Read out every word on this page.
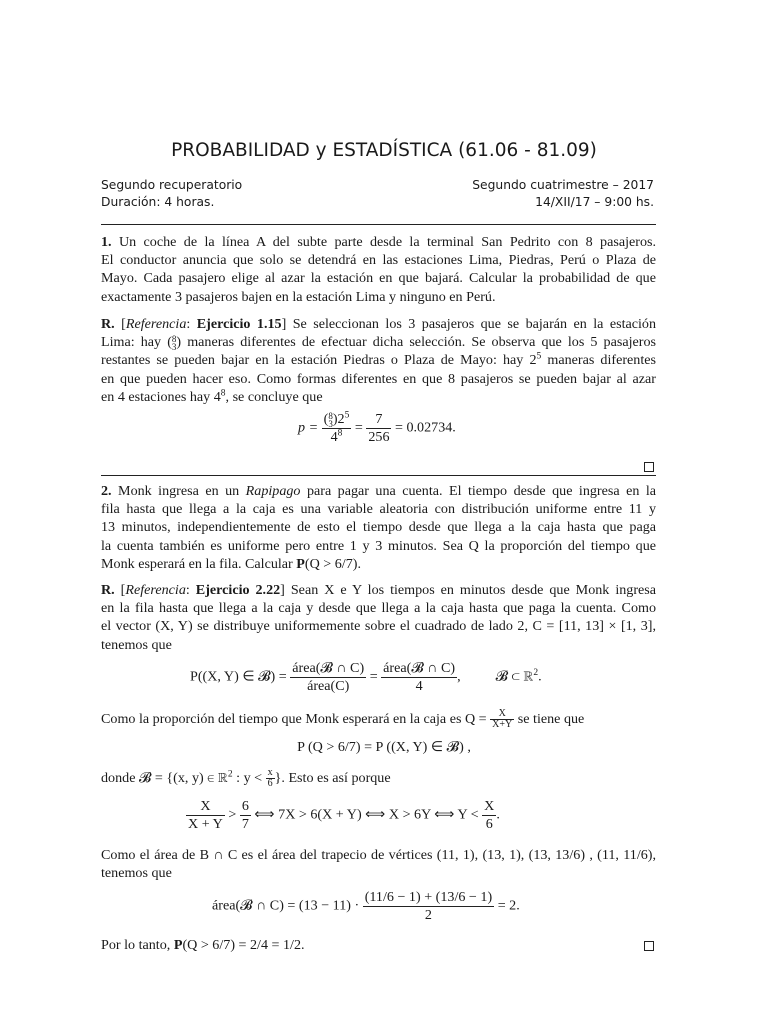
PROBABILIDAD y ESTADÍSTICA (61.06 - 81.09)
Segundo recuperatorio
Duración: 4 horas.
Segundo cuatrimestre – 2017
14/XII/17 – 9:00 hs.
1. Un coche de la línea A del subte parte desde la terminal San Pedrito con 8 pasajeros.
El conductor anuncia que solo se detendrá en las estaciones Lima, Piedras, Perú o Plaza de
Mayo. Cada pasajero elige al azar la estación en que bajará. Calcular la probabilidad de que
exactamente 3 pasajeros bajen en la estación Lima y ninguno en Perú.
R. [Referencia: Ejercicio 1.15] Se seleccionan los 3 pasajeros que se bajarán en la estación
Lima: hay (8
3) maneras diferentes de efectuar dicha selección. Se observa que los 5 pasajeros
restantes se pueden bajar en la estación Piedras o Plaza de Mayo: hay $2^5$ maneras diferentes
en que pueden hacer eso. Como formas diferentes en que 8 pasajeros se pueden bajar al azar
en 4 estaciones hay $4^8$, se concluye que
p =
(8
$3)2^5$
$4^8 = \frac{7}{256} = 0.02734$.
2. Monk ingresa en un Rapipago para pagar una cuenta. El tiempo desde que ingresa en la
fila hasta que llega a la caja es una variable aleatoria con distribución uniforme entre 11 y
13 minutos, independientemente de esto el tiempo desde que llega a la caja hasta que paga
la cuenta también es uniforme pero entre 1 y 3 minutos. Sea Q la proporción del tiempo que
Monk esperará en la fila. Calcular P(Q > 6/7).
R. [Referencia: Ejercicio 2.22] Sean X e Y los tiempos en minutos desde que Monk ingresa
en la fila hasta que llega a la caja y desde que llega a la caja hasta que paga la cuenta. Como
el vector (X, Y) se distribuye uniformemente sobre el cuadrado de lado 2, C = [11, 13] × [1, 3],
tenemos que
P((X, Y) ∈ 𝓑) = $\frac{\text{área(𝓑 ∩ C)}}{\text{área(C)}} = \frac{\text{área(𝓑 ∩ C)}}{4}$ , 𝓑 ⊂ ℝ$^2$.
Como la proporción del tiempo que Monk esperará en la caja es $Q = \frac{X}{X+Y}$ se tiene que
P (Q > 6/7) = P ((X, Y) ∈ 𝓑) ,
donde 𝓑 = {(x, y) ∈ ℝ$^2$ : $y < \frac{x}{6}$ }. Esto es así porque
$\frac{X}{X + Y} > \frac{6}{7}$ ⟺ 7X > 6(X + Y) ⟺ X > 6Y ⟺ $Y < \frac{X}{6}$ .
Como el área de B ∩ C es el área del trapecio de vértices (11, 1), (13, 1), (13, 13/6) , (11, 11/6),
tenemos que
área(𝓑 ∩ $C) = (13 - 11) \cdot \frac{(11/6 - 1) + (13/6 - 1)}{2} = 2$.
Por lo tanto, P(Q > 6/7) = 2/4 = 1/2.
